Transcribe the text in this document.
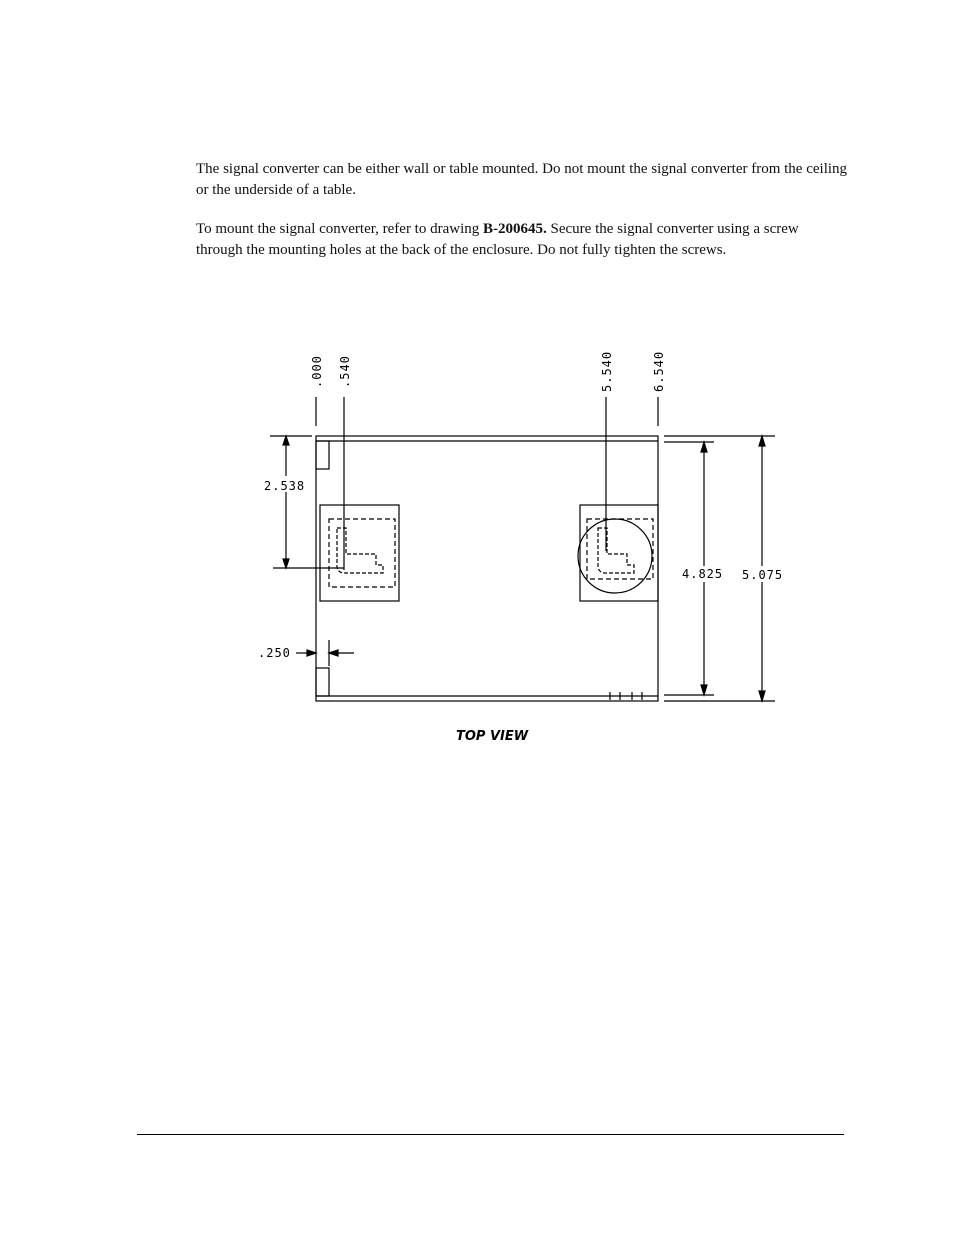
The signal converter can be either wall or table mounted. Do not mount the signal converter from the ceiling or the underside of a table.

To mount the signal converter, refer to drawing B-200645. Secure the signal converter using a screw through the mounting holes at the back of the enclosure. Do not fully tighten the screws.

.000 .540	5.540	6.540
2.538
.250
4.825 5.075
TOP VIEW
